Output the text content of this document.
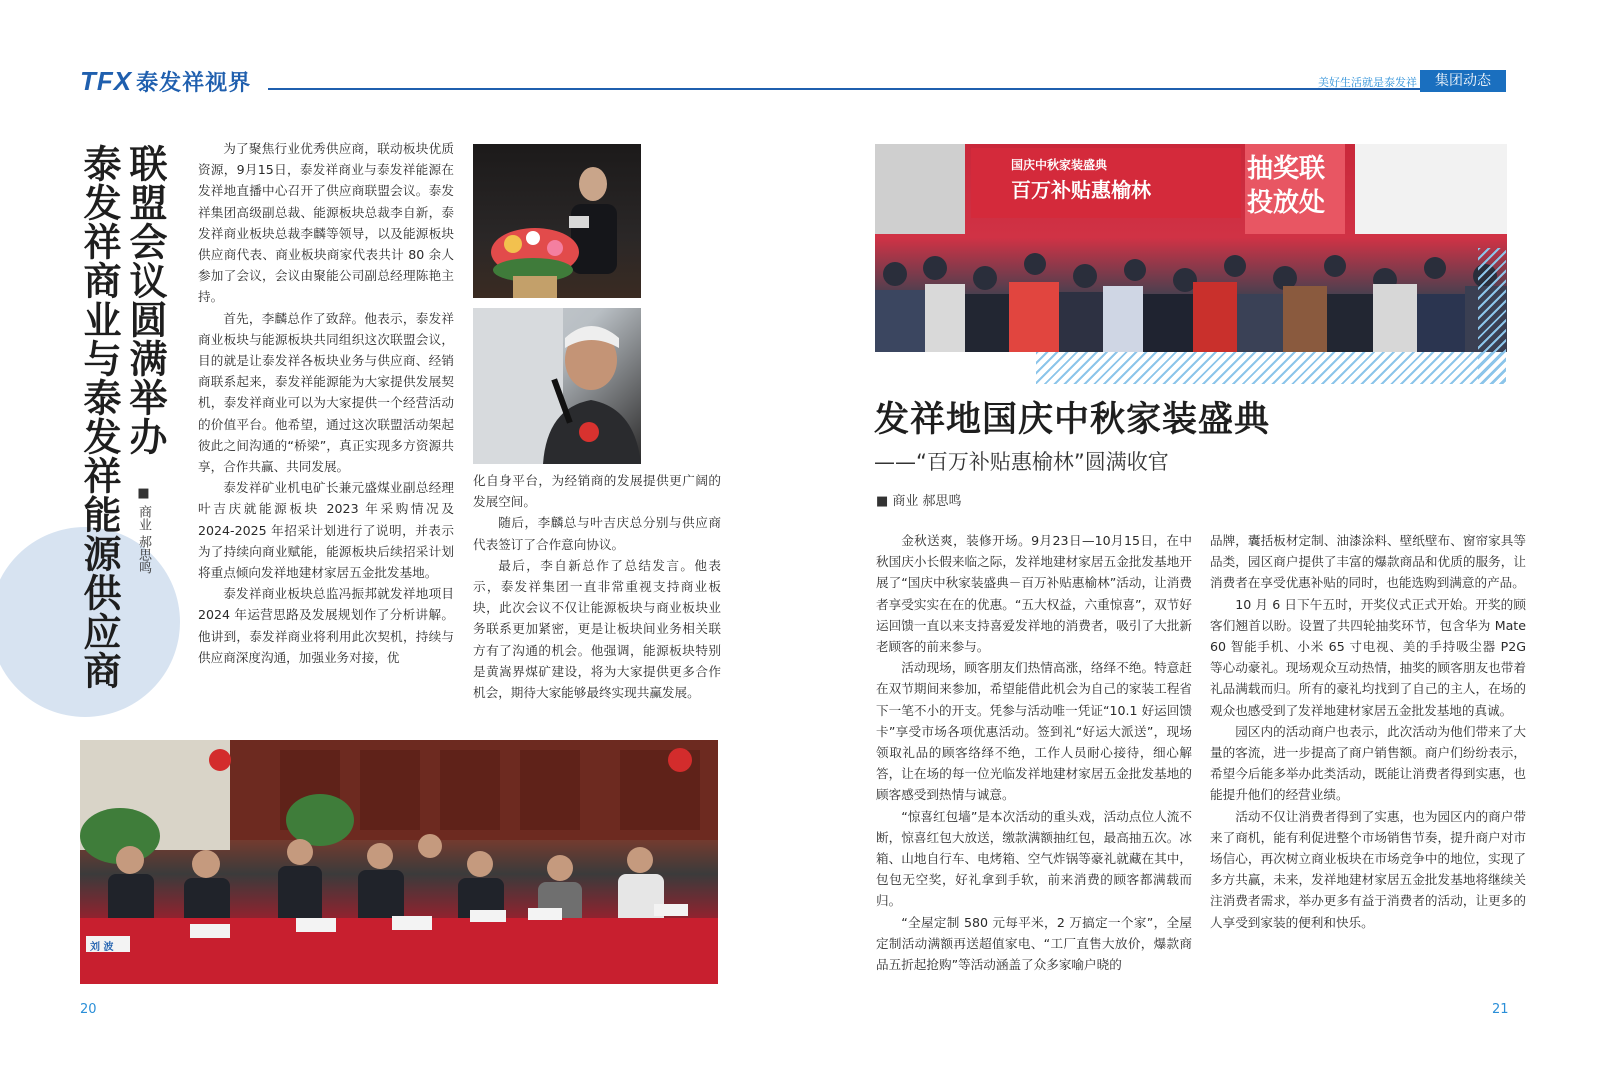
TFX 泰发祥视界	美好生活就是泰发祥	集团动态
联盟会议圆满举办
泰发祥商业与泰发祥能源供应商 ■ 商业 郝思鸣

为了聚焦行业优秀供应商，联动板块优质资源，9月15日，泰发祥商业与泰发祥能源在发祥地直播中心召开了供应商联盟会议。泰发祥集团高级副总裁、能源板块总裁李自新，泰发祥商业板块总裁李麟等领导，以及能源板块供应商代表、商业板块商家代表共计 80 余人参加了会议，会议由聚能公司副总经理陈艳主持。

首先，李麟总作了致辞。他表示，泰发祥商业板块与能源板块共同组织这次联盟会议，目的就是让泰发祥各板块业务与供应商、经销商联系起来，泰发祥能源能为大家提供发展契机，泰发祥商业可以为大家提供一个经营活动的价值平台。他希望，通过这次联盟活动架起彼此之间沟通的“桥梁”，真正实现多方资源共享，合作共赢、共同发展。

泰发祥矿业机电矿长兼元盛煤业副总经理叶吉庆就能源板块 2023 年采购情况及 2024-2025 年招采计划进行了说明，并表示为了持续向商业赋能，能源板块后续招采计划将重点倾向发祥地建材家居五金批发基地。

泰发祥商业板块总监冯振邦就发祥地项目 2024 年运营思路及发展规划作了分析讲解。他讲到，泰发祥商业将利用此次契机，持续与供应商深度沟通，加强业务对接，优

化自身平台，为经销商的发展提供更广阔的发展空间。

随后，李麟总与叶吉庆总分别与供应商代表签订了合作意向协议。

最后，李自新总作了总结发言。他表示，泰发祥集团一直非常重视支持商业板块，此次会议不仅让能源板块与商业板块业务联系更加紧密，更是让板块间业务相关联方有了沟通的机会。他强调，能源板块特别是黄嵩界煤矿建设，将为大家提供更多合作机会，期待大家能够最终实现共赢发展。

刘 波
国庆中秋家装盛典
百万补贴惠榆林
抽奖联投放处
发祥地国庆中秋家装盛典
——“百万补贴惠榆林”圆满收官
■ 商业 郝思鸣

金秋送爽，装修开场。9月23日—10月15日，在中秋国庆小长假来临之际，发祥地建材家居五金批发基地开展了“国庆中秋家装盛典－百万补贴惠榆林”活动，让消费者享受实实在在的优惠。“五大权益，六重惊喜”，双节好运回馈一直以来支持喜爱发祥地的消费者，吸引了大批新老顾客的前来参与。

活动现场，顾客朋友们热情高涨，络绎不绝。特意赶在双节期间来参加，希望能借此机会为自己的家装工程省下一笔不小的开支。凭参与活动唯一凭证“10.1 好运回馈卡”享受市场各项优惠活动。签到礼“好运大派送”，现场领取礼品的顾客络绎不绝，工作人员耐心接待，细心解答，让在场的每一位光临发祥地建材家居五金批发基地的顾客感受到热情与诚意。

“惊喜红包墙”是本次活动的重头戏，活动点位人流不断，惊喜红包大放送，缴款满额抽红包，最高抽五次。冰箱、山地自行车、电烤箱、空气炸锅等豪礼就藏在其中，包包无空奖，好礼拿到手软，前来消费的顾客都满载而归。

“全屋定制 580 元每平米，2 万搞定一个家”，全屋定制活动满额再送超值家电、“工厂直售大放价，爆款商品五折起抢购”等活动涵盖了众多家喻户晓的

品牌，囊括板材定制、油漆涂料、壁纸壁布、窗帘家具等品类，园区商户提供了丰富的爆款商品和优质的服务，让消费者在享受优惠补贴的同时，也能选购到满意的产品。

10 月 6 日下午五时，开奖仪式正式开始。开奖的顾客们翘首以盼。设置了共四轮抽奖环节，包含华为 Mate 60 智能手机、小米 65 寸电视、美的手持吸尘器 P2G 等心动豪礼。现场观众互动热情，抽奖的顾客朋友也带着礼品满载而归。所有的豪礼均找到了自己的主人，在场的观众也感受到了发祥地建材家居五金批发基地的真诚。

园区内的活动商户也表示，此次活动为他们带来了大量的客流，进一步提高了商户销售额。商户们纷纷表示，希望今后能多举办此类活动，既能让消费者得到实惠，也能提升他们的经营业绩。

活动不仅让消费者得到了实惠，也为园区内的商户带来了商机，能有利促进整个市场销售节奏，提升商户对市场信心，再次树立商业板块在市场竞争中的地位，实现了多方共赢，未来，发祥地建材家居五金批发基地将继续关注消费者需求，举办更多有益于消费者的活动，让更多的人享受到家装的便利和快乐。

20	21
